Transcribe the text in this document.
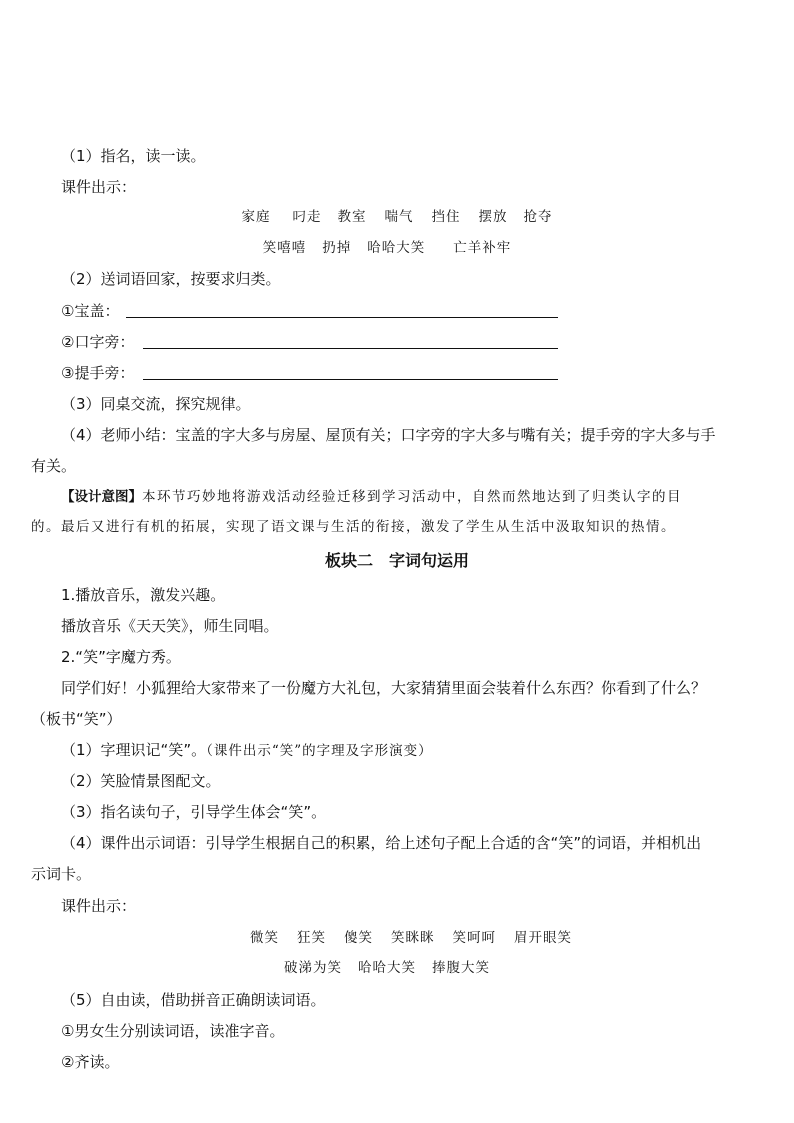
（1）指名，读一读。
课件出示：
家庭 叼走 教室 喘气 挡住 摆放 抢夺
笑嘻嘻 扔掉 哈哈大笑 亡羊补牢
（2）送词语回家，按要求归类。
①宝盖：
②口字旁：
③提手旁：
（3）同桌交流，探究规律。
（4）老师小结：宝盖的字大多与房屋、屋顶有关；口字旁的字大多与嘴有关；提手旁的字大多与手
有关。
【设计意图】本环节巧妙地将游戏活动经验迁移到学习活动中，自然而然地达到了归类认字的目
的。最后又进行有机的拓展，实现了语文课与生活的衔接，激发了学生从生活中汲取知识的热情。
板块二　字词句运用
1.播放音乐，激发兴趣。
播放音乐《天天笑》，师生同唱。
2.“笑”字魔方秀。
同学们好！小狐狸给大家带来了一份魔方大礼包，大家猜猜里面会装着什么东西？你看到了什么？
（板书“笑”）
（1）字理识记“笑”。（课件出示“笑”的字理及字形演变）
（2）笑脸情景图配文。
（3）指名读句子，引导学生体会“笑”。
（4）课件出示词语：引导学生根据自己的积累，给上述句子配上合适的含“笑”的词语，并相机出
示词卡。
课件出示：
微笑 狂笑 傻笑 笑眯眯 笑呵呵 眉开眼笑
破涕为笑 哈哈大笑 捧腹大笑
（5）自由读，借助拼音正确朗读词语。
①男女生分别读词语，读准字音。
②齐读。
